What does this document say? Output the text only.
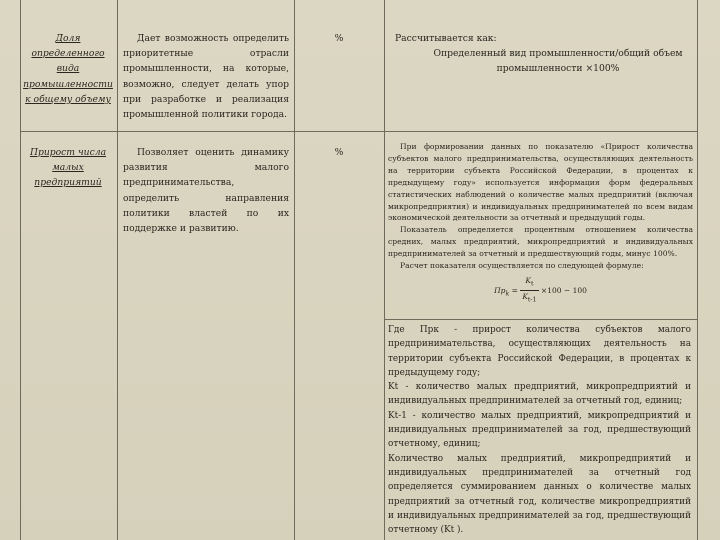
Доля определенного вида промышленности к общему объему
Дает возможность определить приоритетные отрасли промышленности, на которые, возможно, следует делать упор при разработке и реализация промышленной политики города.
%	Рассчитывается как:
Определенный вид промышленности/общий объем промышленности ×100%
Прирост числа малых предприятий
Позволяет оценить динамику развития малого предпринимательства, определить направления политики властей по их поддержке и развитию.
%

При формировании данных по показателю «Прирост количества субъектов малого предпринимательства, осуществляющих деятельность на территории субъекта Российской Федерации, в процентах к предыдущему году» используется информация форм федеральных статистических наблюдений о количестве малых предприятий (включая микропредприятия) и индивидуальных предпринимателей по всем видам экономической деятельности за отчетный и предыдущий годы.

Показатель определяется процентным отношением количества средних, малых предприятий, микропредприятий и индивидуальных предпринимателей за отчетный и предшествующий годы, минус 100%.

Расчет показателя осуществляется по следующей формуле:

$Пр_k = \frac{K_t}{K_{t-1}} \times 100 - 100$

Где Прк - прирост количества субъектов малого предпринимательства, осуществляющих деятельность на территории субъекта Российской Федерации, в процентах к предыдущему году;

Kt - количество малых предприятий, микропредприятий и индивидуальных предпринимателей за отчетный год, единиц;

Kt-1 - количество малых предприятий, микропредприятий и индивидуальных предпринимателей за год, предшествующий отчетному, единиц;

Количество малых предприятий, микропредприятий и индивидуальных предпринимателей за отчетный год определяется суммированием данных о количестве малых предприятий за отчетный год, количестве микропредприятий и индивидуальных предпринимателей за год, предшествующий отчетному (Kt ).
